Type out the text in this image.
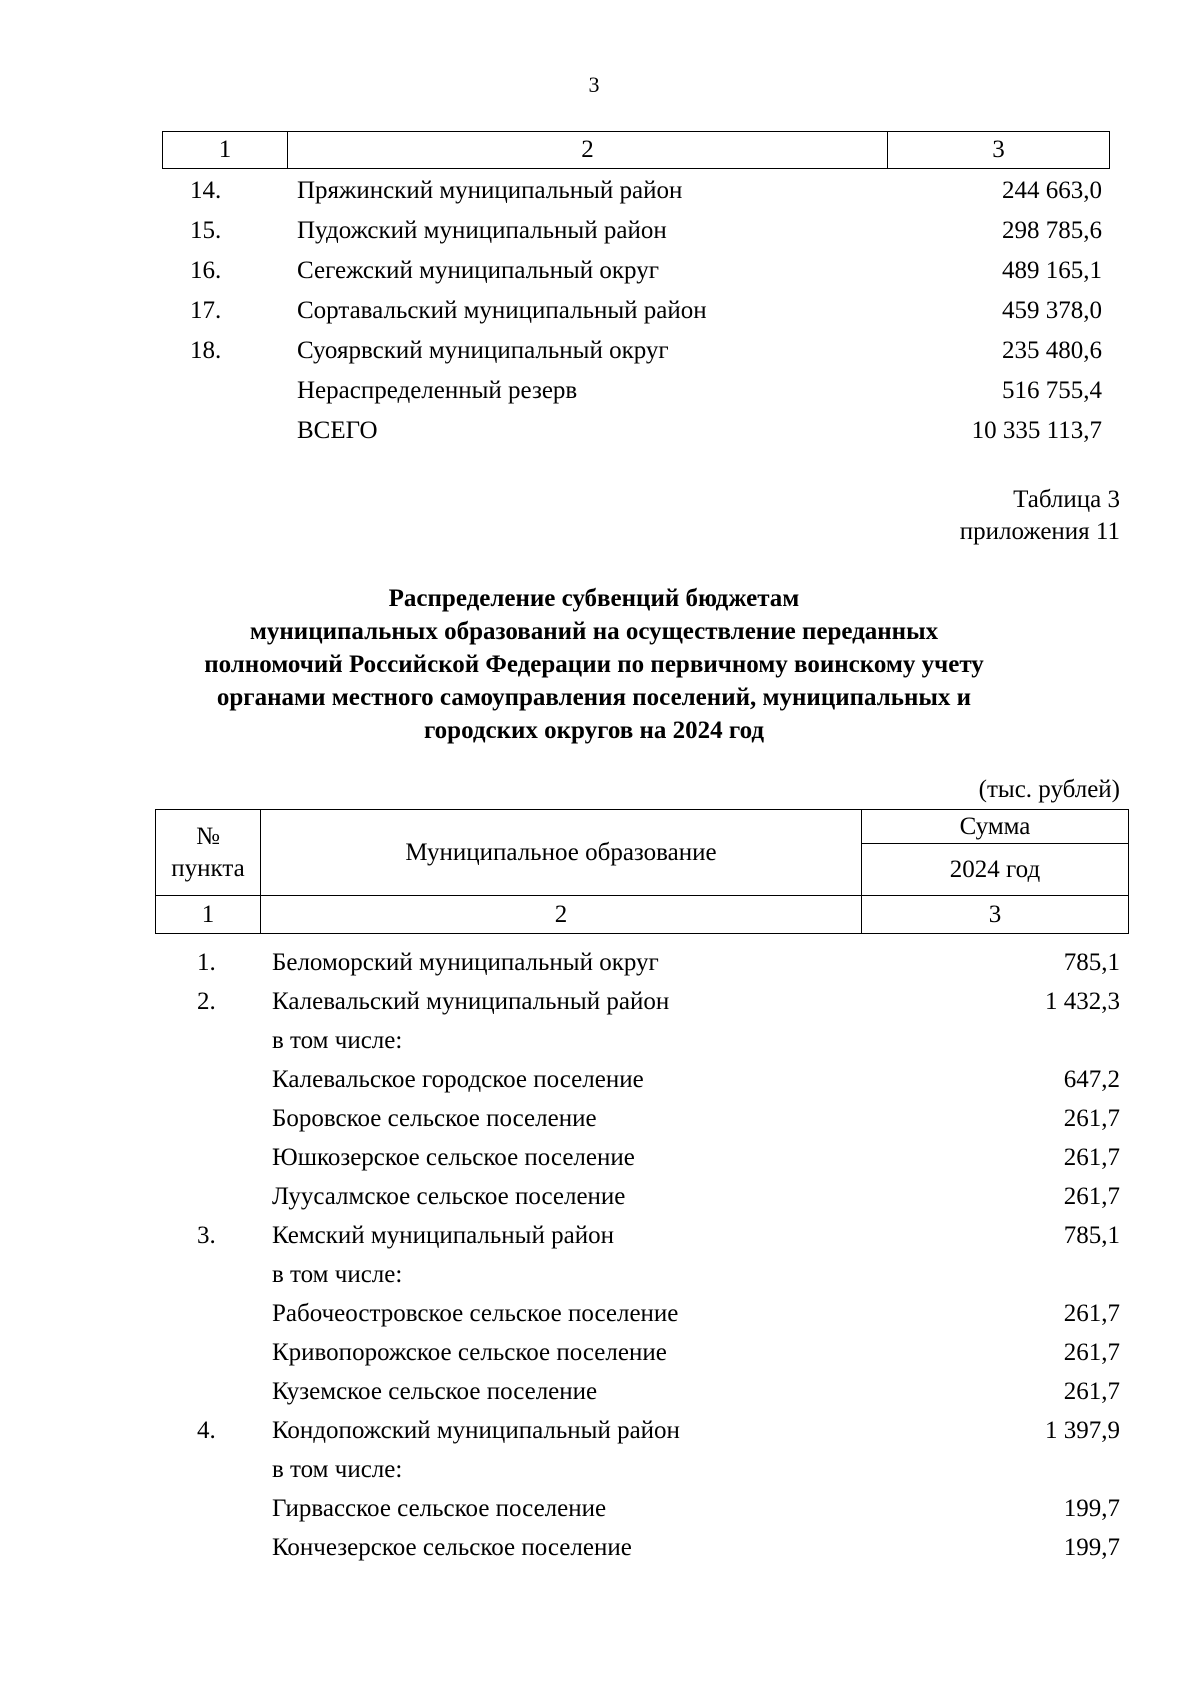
3
1	2	3
14.	Пряжинский муниципальный район	244 663,0
15.	Пудожский муниципальный район	298 785,6
16.	Сегежский муниципальный округ	489 165,1
17.	Сортавальский муниципальный район	459 378,0
18.	Суоярвский муниципальный округ	235 480,6
Нераспределенный резерв	516 755,4
ВСЕГО	10 335 113,7
Таблица 3
приложения 11
Распределение субвенций бюджетам
муниципальных образований на осуществление переданных
полномочий Российской Федерации по первичному воинскому учету
органами местного самоуправления поселений, муниципальных и
городских округов на 2024 год
(тыс. рублей)
№
пункта	Муниципальное образование	Сумма
		2024 год
1	2	3
1.	Беломорский муниципальный округ	785,1
2.	Калевальский муниципальный район	1 432,3
в том числе:
Калевальское городское поселение	647,2
Боровское сельское поселение	261,7
Юшкозерское сельское поселение	261,7
Луусалмское сельское поселение	261,7
3.	Кемский муниципальный район	785,1
в том числе:
Рабочеостровское сельское поселение	261,7
Кривопорожское сельское поселение	261,7
Куземское сельское поселение	261,7
4.	Кондопожский муниципальный район	1 397,9
в том числе:
Гирвасское сельское поселение	199,7
Кончезерское сельское поселение	199,7
